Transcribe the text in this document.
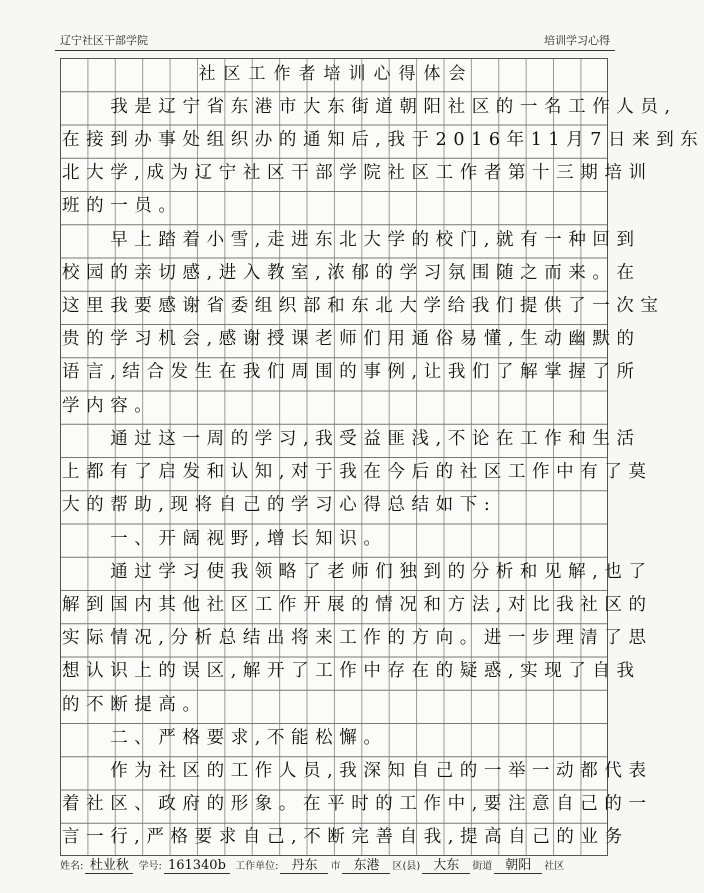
辽宁社区干部学院	培训学习心得
社区工作者培训心得体会
　　我是辽宁省东港市大东街道朝阳社区的一名工作人员,
在接到办事处组织办的通知后,我于2016年11月7日来到东
北大学,成为辽宁社区干部学院社区工作者第十三期培训
班的一员。
　　早上踏着小雪,走进东北大学的校门,就有一种回到
校园的亲切感,进入教室,浓郁的学习氛围随之而来。在
这里我要感谢省委组织部和东北大学给我们提供了一次宝
贵的学习机会,感谢授课老师们用通俗易懂,生动幽默的
语言,结合发生在我们周围的事例,让我们了解掌握了所
学内容。
　　通过这一周的学习,我受益匪浅,不论在工作和生活
上都有了启发和认知,对于我在今后的社区工作中有了莫
大的帮助,现将自己的学习心得总结如下:
　　一、开阔视野,增长知识。
　　通过学习使我领略了老师们独到的分析和见解,也了
解到国内其他社区工作开展的情况和方法,对比我社区的
实际情况,分析总结出将来工作的方向。进一步理清了思
想认识上的误区,解开了工作中存在的疑惑,实现了自我
的不断提高。
　　二、严格要求,不能松懈。
　　作为社区的工作人员,我深知自己的一举一动都代表
着社区、政府的形象。在平时的工作中,要注意自己的一
言一行,严格要求自己,不断完善自我,提高自己的业务
姓名: 杜业秋 学号: 161340b 工作单位: 丹东 市 东港 区(县) 大东 街道 朝阳 社区
